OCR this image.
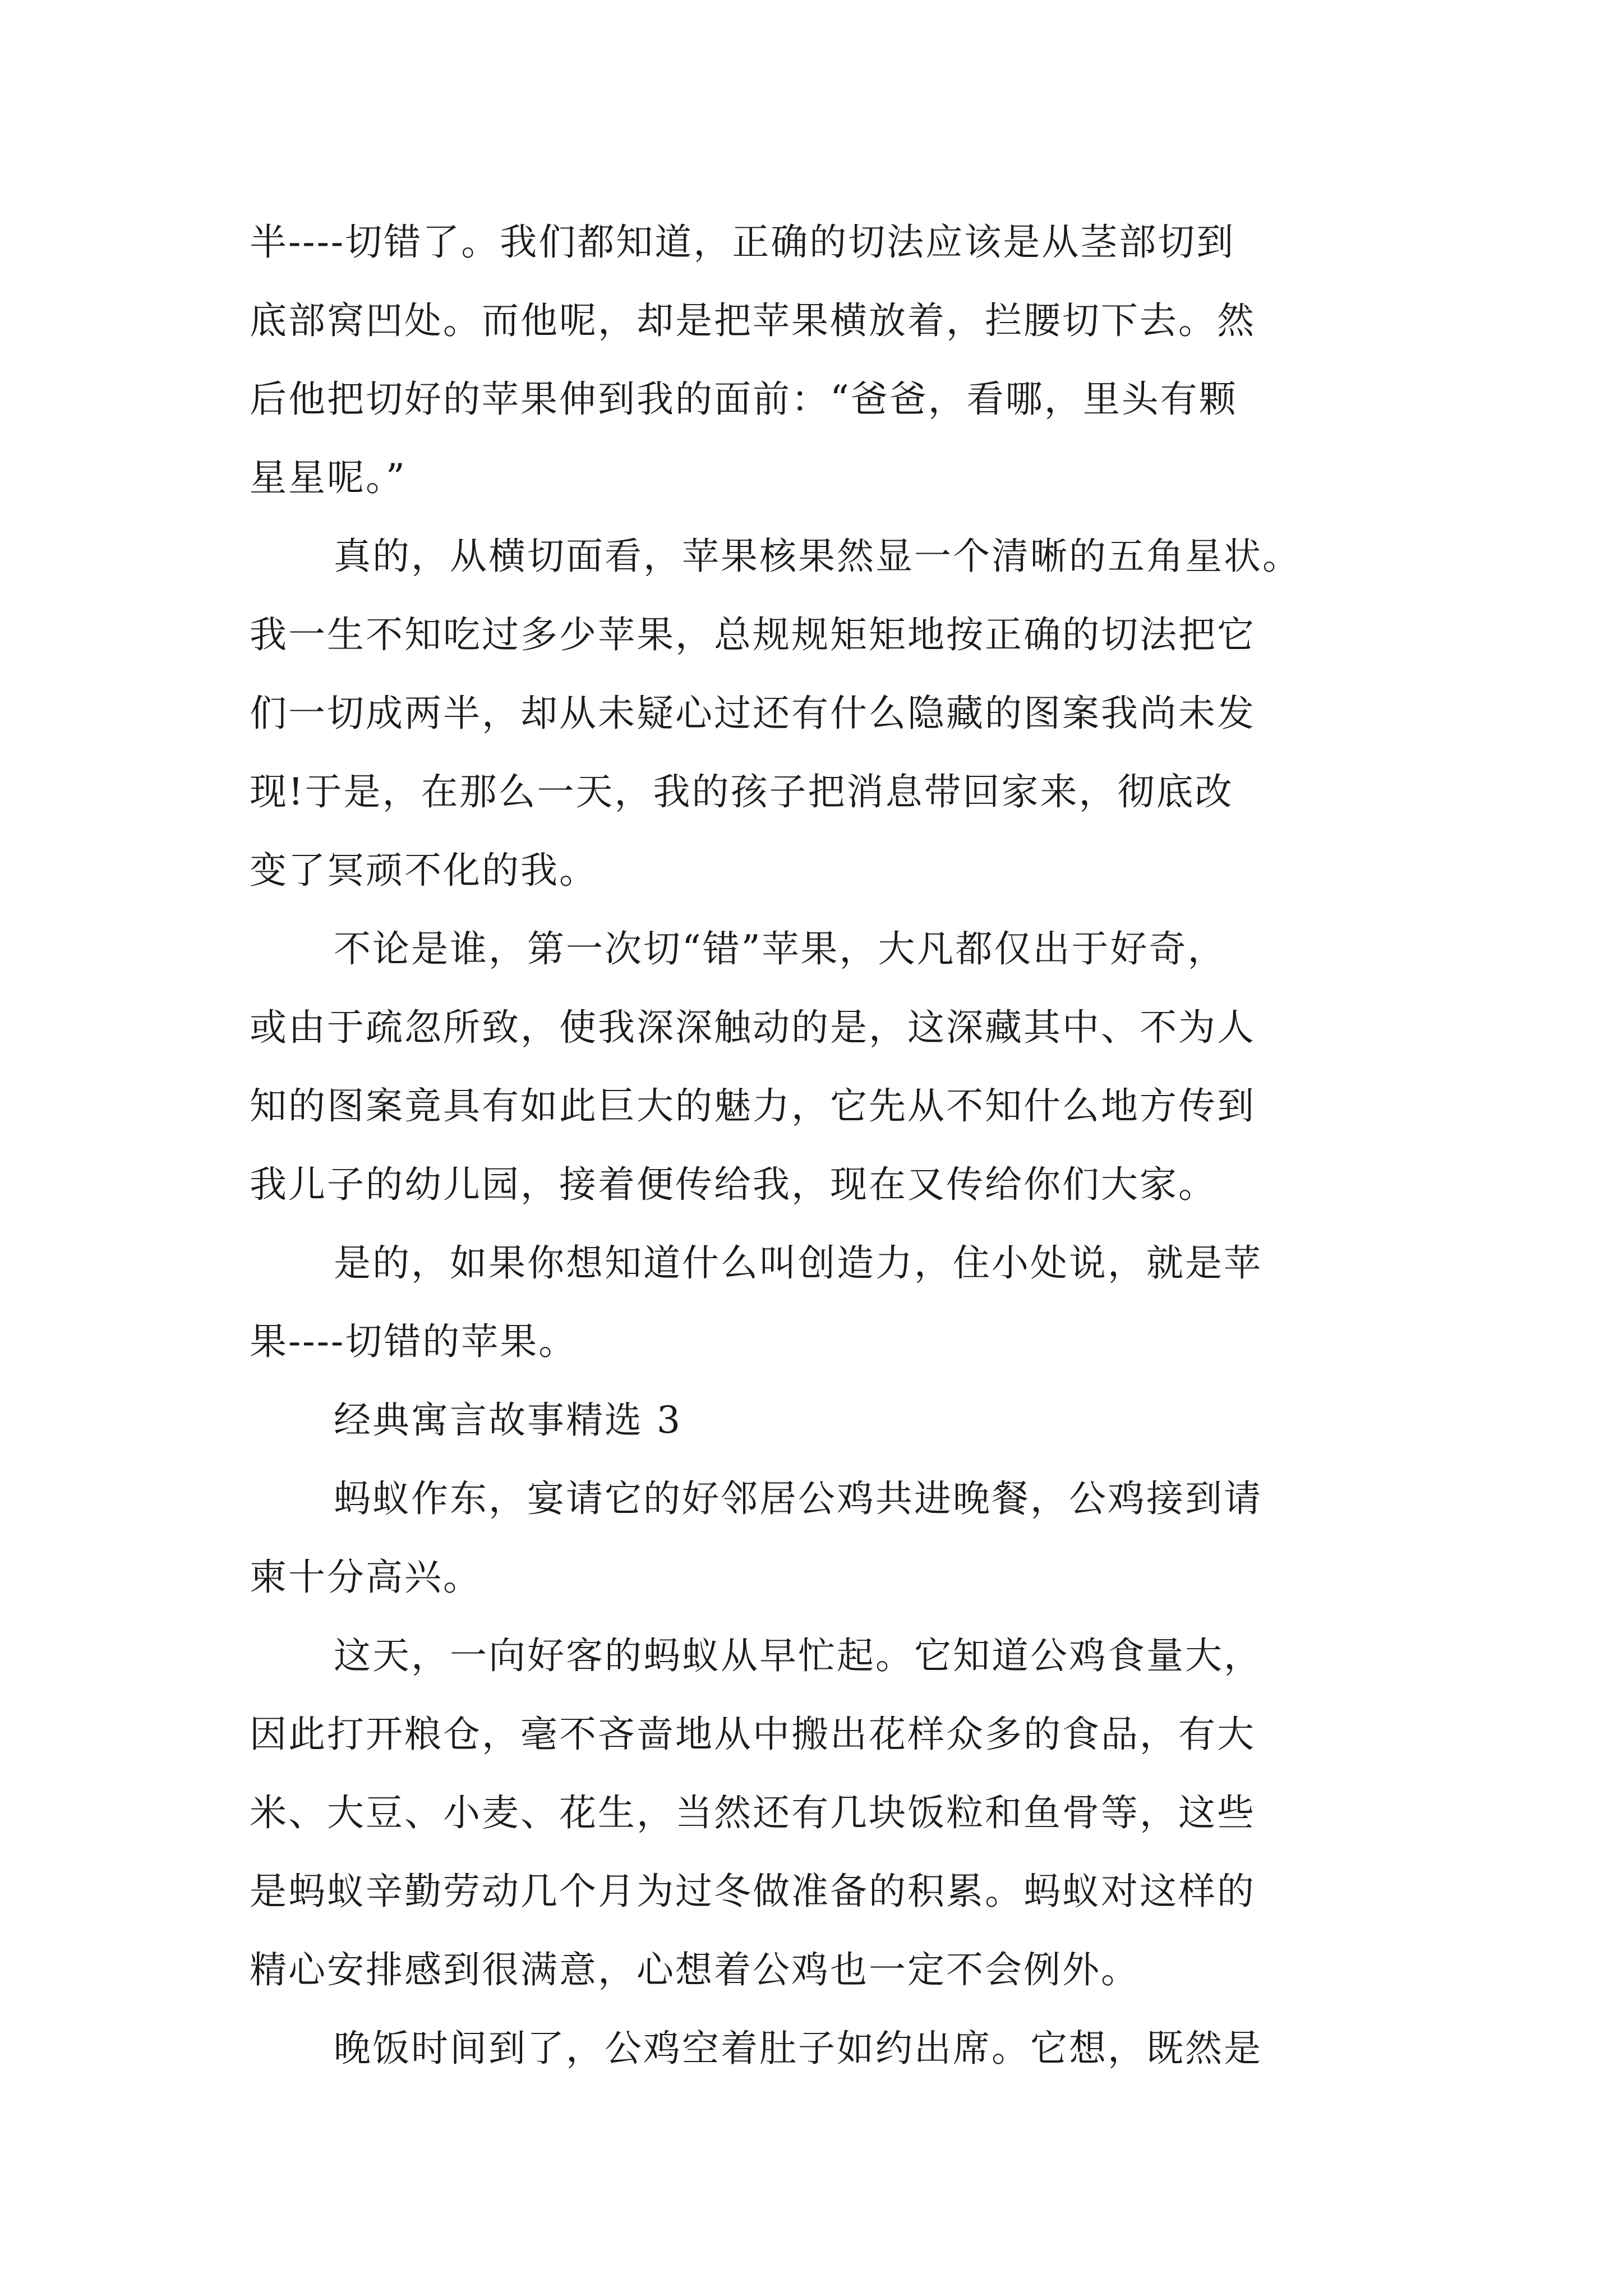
半----切错了。我们都知道，正确的切法应该是从茎部切到
底部窝凹处。而他呢，却是把苹果横放着，拦腰切下去。然
后他把切好的苹果伸到我的面前：“爸爸，看哪，里头有颗
星星呢。”
真的，从横切面看，苹果核果然显一个清晰的五角星状。
我一生不知吃过多少苹果，总规规矩矩地按正确的切法把它
们一切成两半，却从未疑心过还有什么隐藏的图案我尚未发
现!于是，在那么一天，我的孩子把消息带回家来，彻底改
变了冥顽不化的我。
不论是谁，第一次切“错”苹果，大凡都仅出于好奇，
或由于疏忽所致，使我深深触动的是，这深藏其中、不为人
知的图案竟具有如此巨大的魅力，它先从不知什么地方传到
我儿子的幼儿园，接着便传给我，现在又传给你们大家。
是的，如果你想知道什么叫创造力，住小处说，就是苹
果----切错的苹果。
经典寓言故事精选 3
蚂蚁作东，宴请它的好邻居公鸡共进晚餐，公鸡接到请
柬十分高兴。
这天，一向好客的蚂蚁从早忙起。它知道公鸡食量大，
因此打开粮仓，毫不吝啬地从中搬出花样众多的食品，有大
米、大豆、小麦、花生，当然还有几块饭粒和鱼骨等，这些
是蚂蚁辛勤劳动几个月为过冬做准备的积累。蚂蚁对这样的
精心安排感到很满意，心想着公鸡也一定不会例外。
晚饭时间到了，公鸡空着肚子如约出席。它想，既然是
